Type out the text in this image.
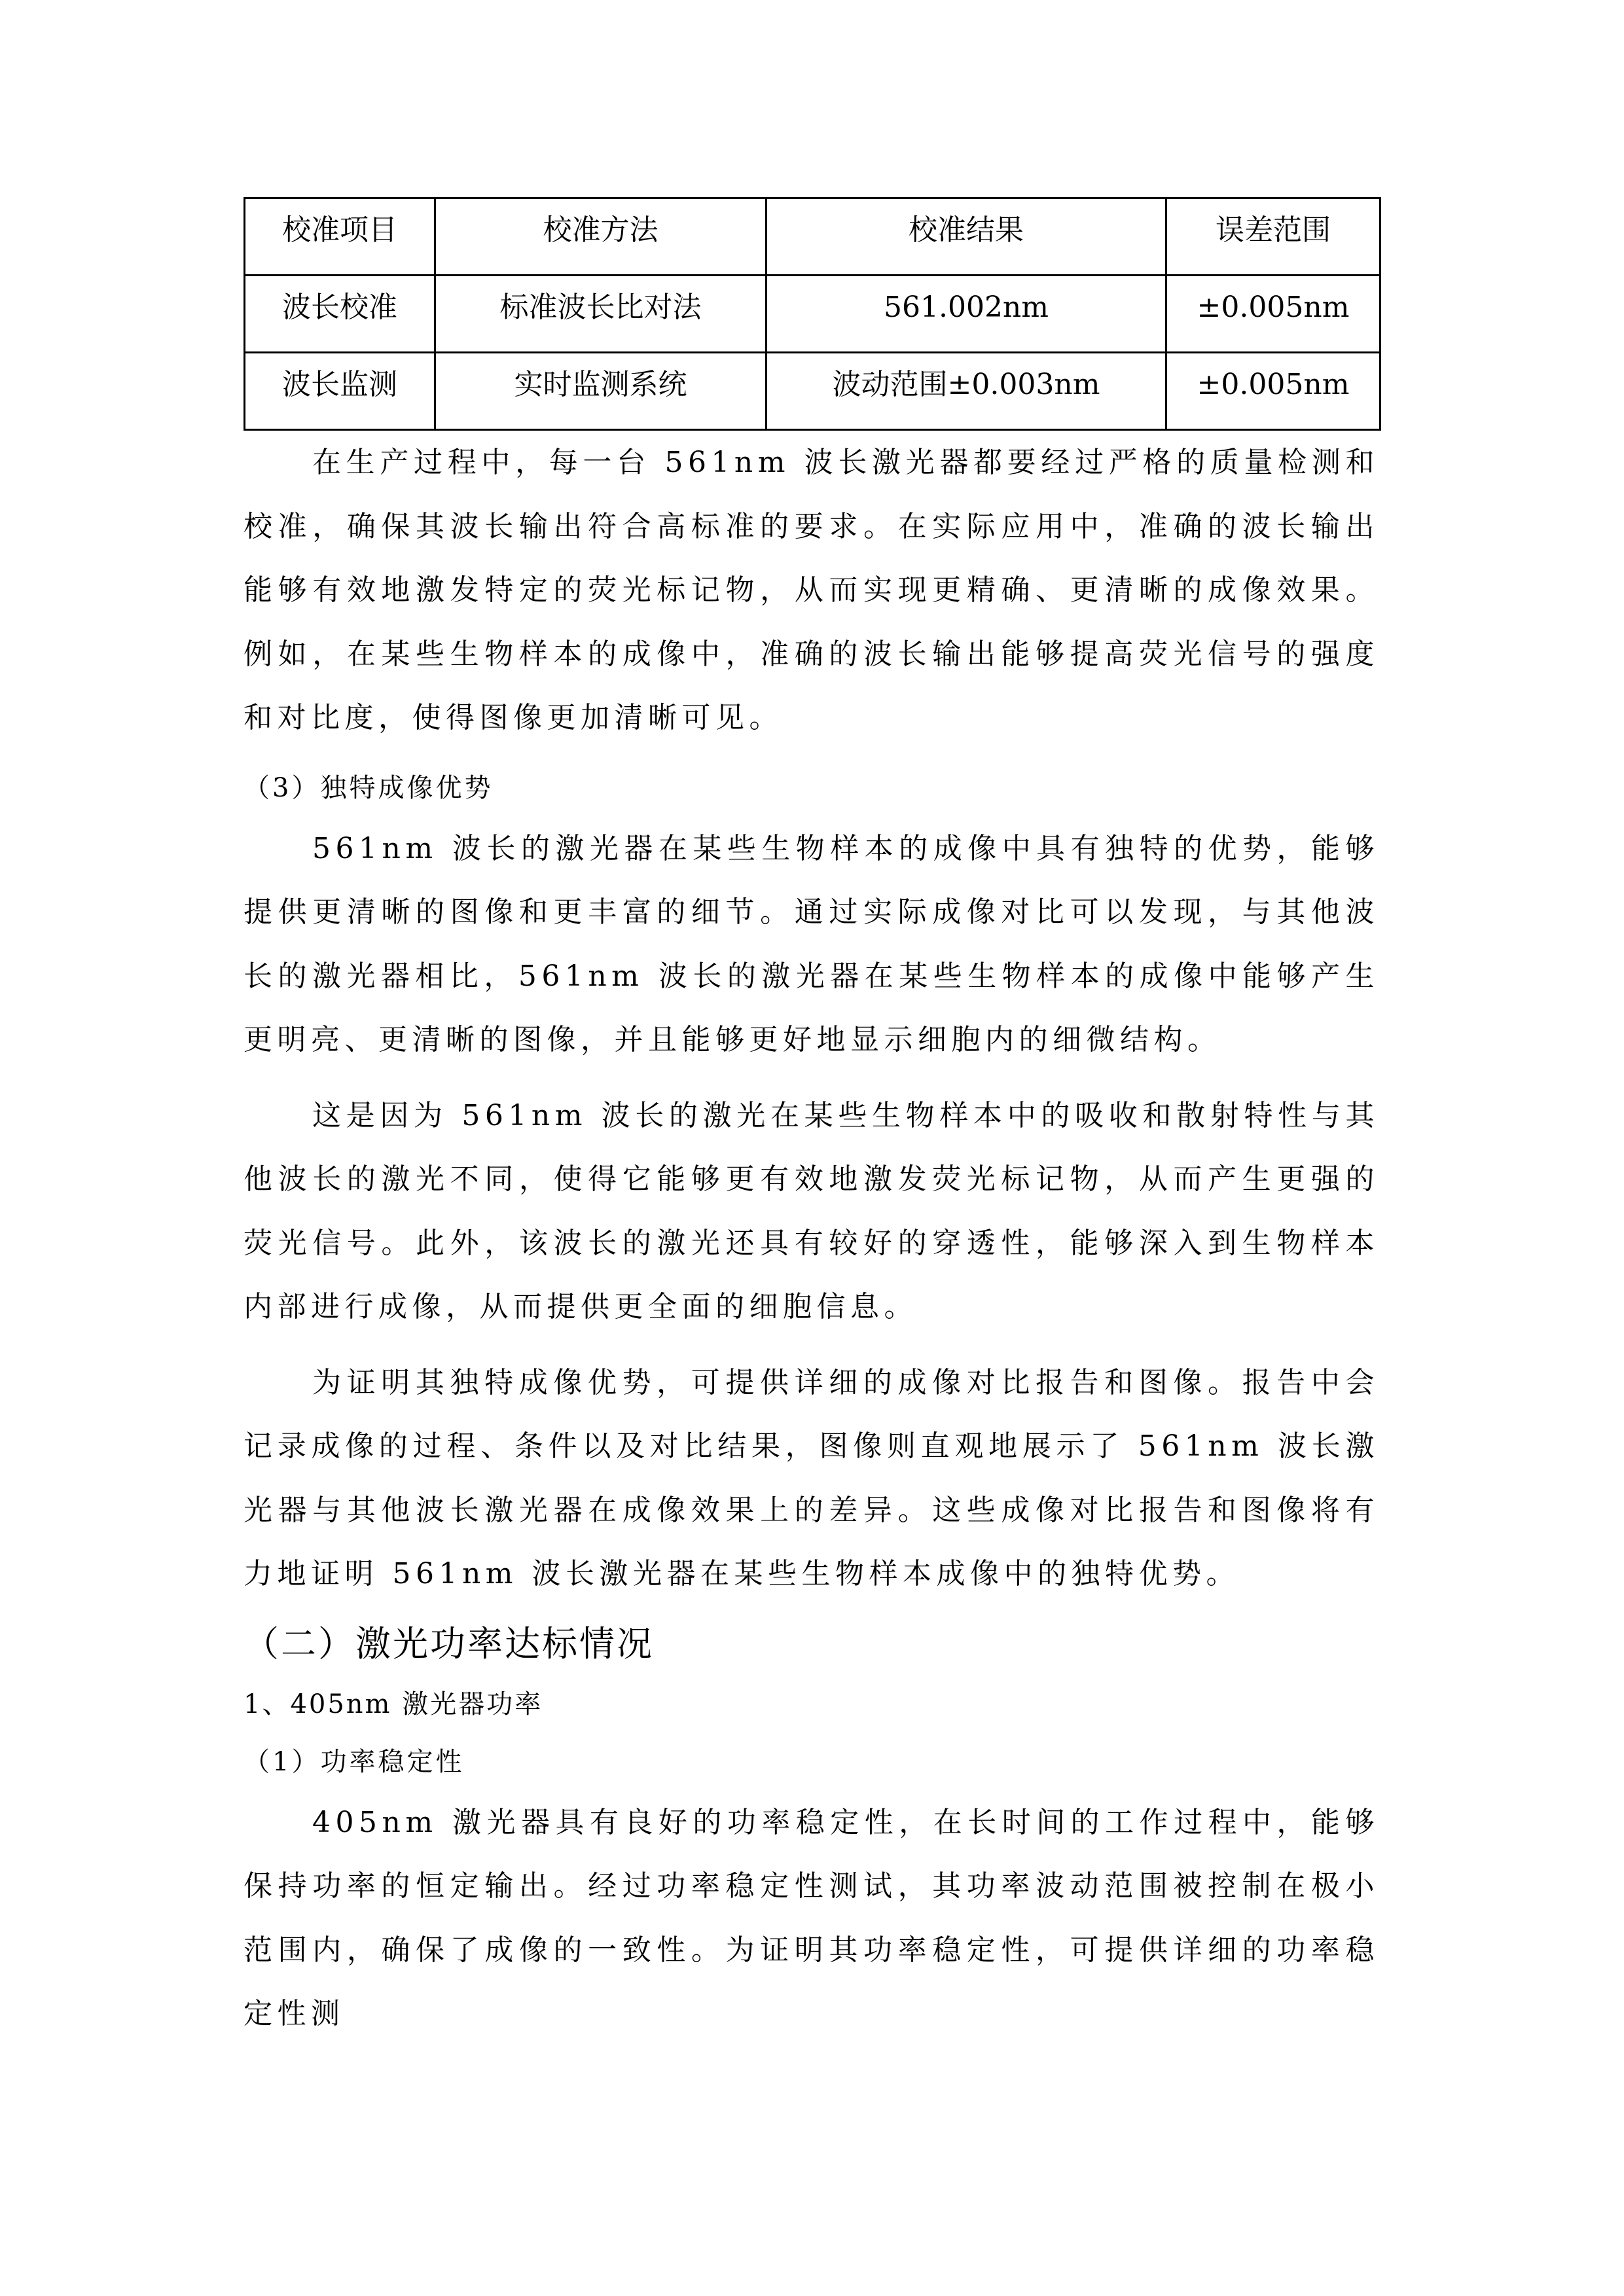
校准项目	校准方法	校准结果	误差范围
波长校准	标准波长比对法	561.002nm	±0.005nm
波长监测	实时监测系统	波动范围±0.003nm	±0.005nm

在生产过程中，每一台 561nm 波长激光器都要经过严格的质量检测和校准，确保其波长输出符合高标准的要求。在实际应用中，准确的波长输出能够有效地激发特定的荧光标记物，从而实现更精确、更清晰的成像效果。例如，在某些生物样本的成像中，准确的波长输出能够提高荧光信号的强度和对比度，使得图像更加清晰可见。

（3）独特成像优势

561nm 波长的激光器在某些生物样本的成像中具有独特的优势，能够提供更清晰的图像和更丰富的细节。通过实际成像对比可以发现，与其他波长的激光器相比，561nm 波长的激光器在某些生物样本的成像中能够产生更明亮、更清晰的图像，并且能够更好地显示细胞内的细微结构。

这是因为 561nm 波长的激光在某些生物样本中的吸收和散射特性与其他波长的激光不同，使得它能够更有效地激发荧光标记物，从而产生更强的荧光信号。此外，该波长的激光还具有较好的穿透性，能够深入到生物样本内部进行成像，从而提供更全面的细胞信息。

为证明其独特成像优势，可提供详细的成像对比报告和图像。报告中会记录成像的过程、条件以及对比结果，图像则直观地展示了 561nm 波长激光器与其他波长激光器在成像效果上的差异。这些成像对比报告和图像将有力地证明 561nm 波长激光器在某些生物样本成像中的独特优势。

（二）激光功率达标情况

1、405nm 激光器功率

（1）功率稳定性

405nm 激光器具有良好的功率稳定性，在长时间的工作过程中，能够保持功率的恒定输出。经过功率稳定性测试，其功率波动范围被控制在极小范围内，确保了成像的一致性。为证明其功率稳定性，可提供详细的功率稳定性测
